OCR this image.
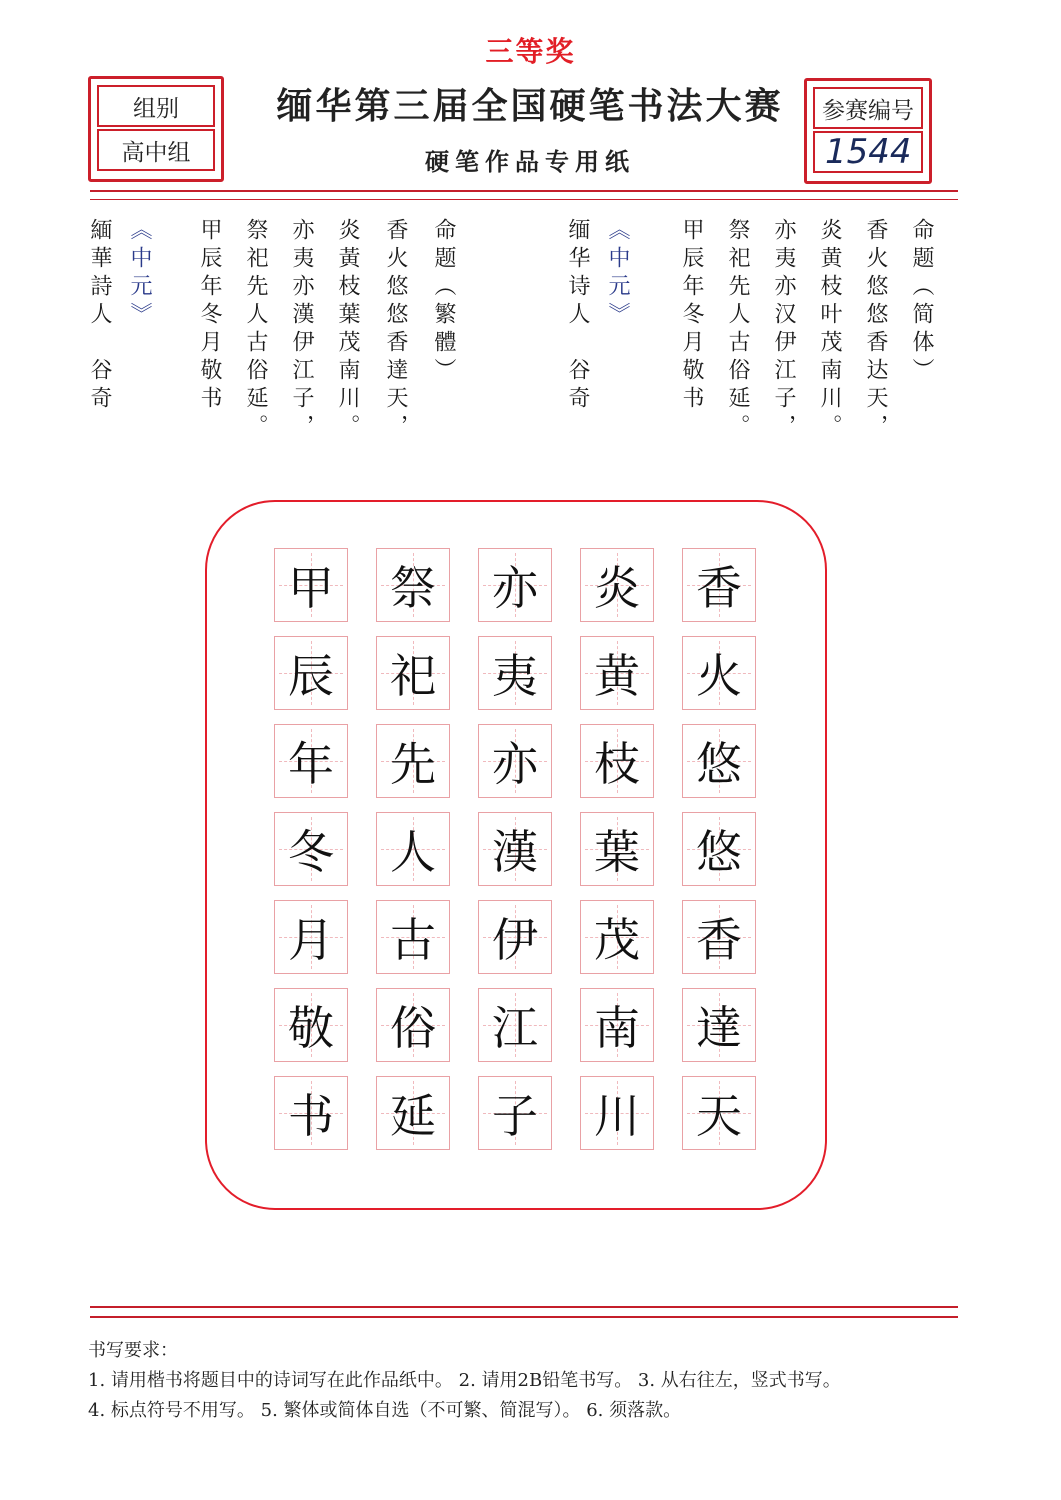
三等奖
组别
高中组
缅华第三届全国硬笔书法大赛
硬笔作品专用纸
参赛编号
1544
命题（简体）
香火悠悠香达天，
炎黄枝叶茂南川。
亦夷亦汉伊江子，
祭祀先人古俗延。
甲辰年冬月敬书
《中元》
缅华诗人　谷奇
命题（繁體）
香火悠悠香達天，
炎黃枝葉茂南川。
亦夷亦漢伊江子，
祭祀先人古俗延。
甲辰年冬月敬书
《中元》
緬華詩人　谷奇
香
火
悠
悠
香
達
天
炎
黄
枝
葉
茂
南
川
亦
夷
亦
漢
伊
江
子
祭
祀
先
人
古
俗
延
甲
辰
年
冬
月
敬
书
书写要求：
1. 请用楷书将题目中的诗词写在此作品纸中。 2. 请用2B铅笔书写。 3. 从右往左，竖式书写。
4. 标点符号不用写。 5. 繁体或简体自选（不可繁、简混写）。 6. 须落款。
